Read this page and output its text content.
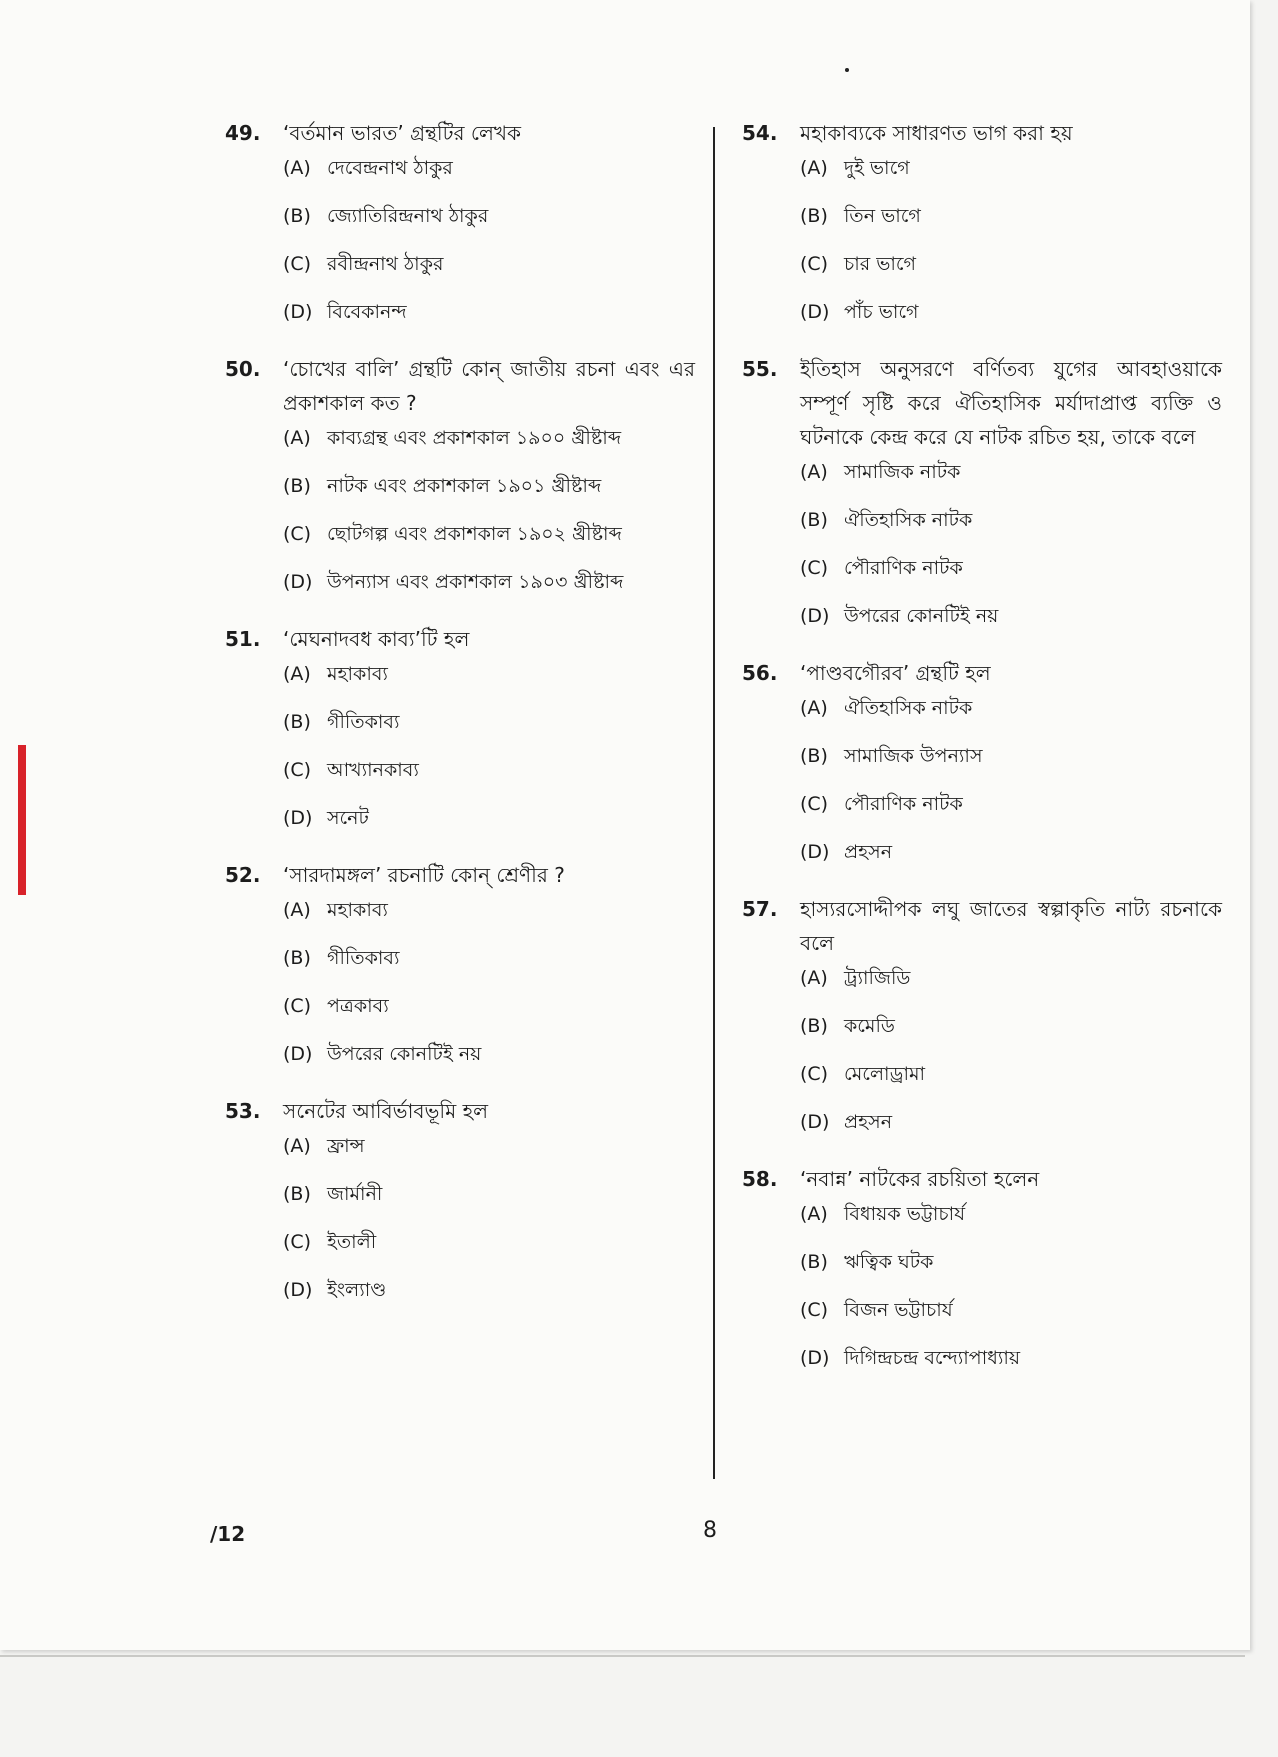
49.	‘বর্তমান ভারত’ গ্রন্থটির লেখক
(A) দেবেন্দ্রনাথ ঠাকুর
(B) জ্যোতিরিন্দ্রনাথ ঠাকুর
(C) রবীন্দ্রনাথ ঠাকুর
(D) বিবেকানন্দ
50.	‘চোখের বালি’ গ্রন্থটি কোন্ জাতীয় রচনা এবং এর প্রকাশকাল কত ?
(A) কাব্যগ্রন্থ এবং প্রকাশকাল ১৯০০ খ্রীষ্টাব্দ
(B) নাটক এবং প্রকাশকাল ১৯০১ খ্রীষ্টাব্দ
(C) ছোটগল্প এবং প্রকাশকাল ১৯০২ খ্রীষ্টাব্দ
(D) উপন্যাস এবং প্রকাশকাল ১৯০৩ খ্রীষ্টাব্দ
51.	‘মেঘনাদবধ কাব্য’টি হল
(A) মহাকাব্য
(B) গীতিকাব্য
(C) আখ্যানকাব্য
(D) সনেট
52.	‘সারদামঙ্গল’ রচনাটি কোন্ শ্রেণীর ?
(A) মহাকাব্য
(B) গীতিকাব্য
(C) পত্রকাব্য
(D) উপরের কোনটিই নয়
53.	সনেটের আবির্ভাবভূমি হল
(A) ফ্রান্স
(B) জার্মানী
(C) ইতালী
(D) ইংল্যাণ্ড
54.	মহাকাব্যকে সাধারণত ভাগ করা হয়
(A) দুই ভাগে
(B) তিন ভাগে
(C) চার ভাগে
(D) পাঁচ ভাগে
55.	ইতিহাস অনুসরণে বর্ণিতব্য যুগের আবহাওয়াকে সম্পূর্ণ সৃষ্টি করে ঐতিহাসিক মর্যাদাপ্রাপ্ত ব্যক্তি ও ঘটনাকে কেন্দ্র করে যে নাটক রচিত হয়, তাকে বলে
(A) সামাজিক নাটক
(B) ঐতিহাসিক নাটক
(C) পৌরাণিক নাটক
(D) উপরের কোনটিই নয়
56.	‘পাণ্ডবগৌরব’ গ্রন্থটি হল
(A) ঐতিহাসিক নাটক
(B) সামাজিক উপন্যাস
(C) পৌরাণিক নাটক
(D) প্রহসন
57.	হাস্যরসোদ্দীপক লঘু জাতের স্বল্পাকৃতি নাট্য রচনাকে বলে
(A) ট্র্যাজিডি
(B) কমেডি
(C) মেলোড্রামা
(D) প্রহসন
58.	‘নবান্ন’ নাটকের রচয়িতা হলেন
(A) বিধায়ক ভট্টাচার্য
(B) ঋত্বিক ঘটক
(C) বিজন ভট্টাচার্য
(D) দিগিন্দ্রচন্দ্র বন্দ্যোপাধ্যায়
/12	8
